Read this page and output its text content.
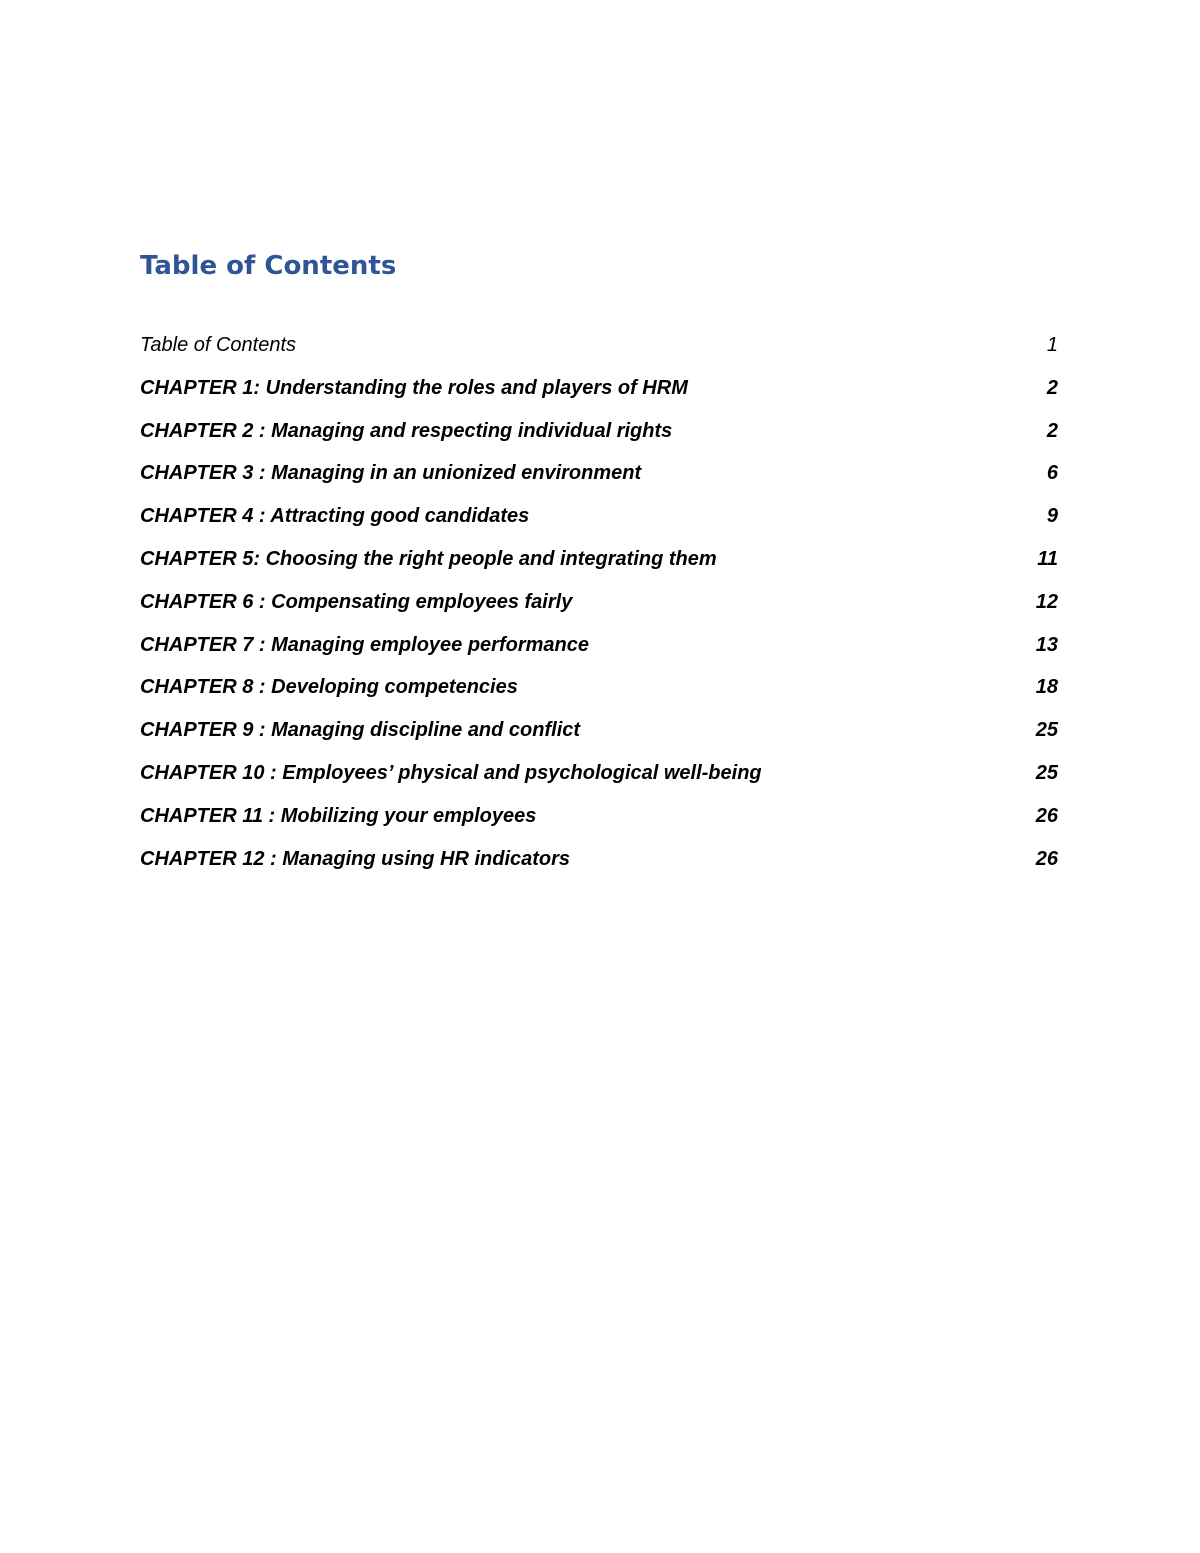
Table of Contents
Table of Contents	1
CHAPTER 1: Understanding the roles and players of HRM	2
CHAPTER 2 : Managing and respecting individual rights	2
CHAPTER 3 : Managing in an unionized environment	6
CHAPTER 4 : Attracting good candidates	9
CHAPTER 5: Choosing the right people and integrating them	11
CHAPTER 6 : Compensating employees fairly	12
CHAPTER 7 : Managing employee performance	13
CHAPTER 8 : Developing competencies	18
CHAPTER 9 : Managing discipline and conflict	25
CHAPTER 10 : Employees’ physical and psychological well-being	25
CHAPTER 11 : Mobilizing your employees	26
CHAPTER 12 : Managing using HR indicators	26
